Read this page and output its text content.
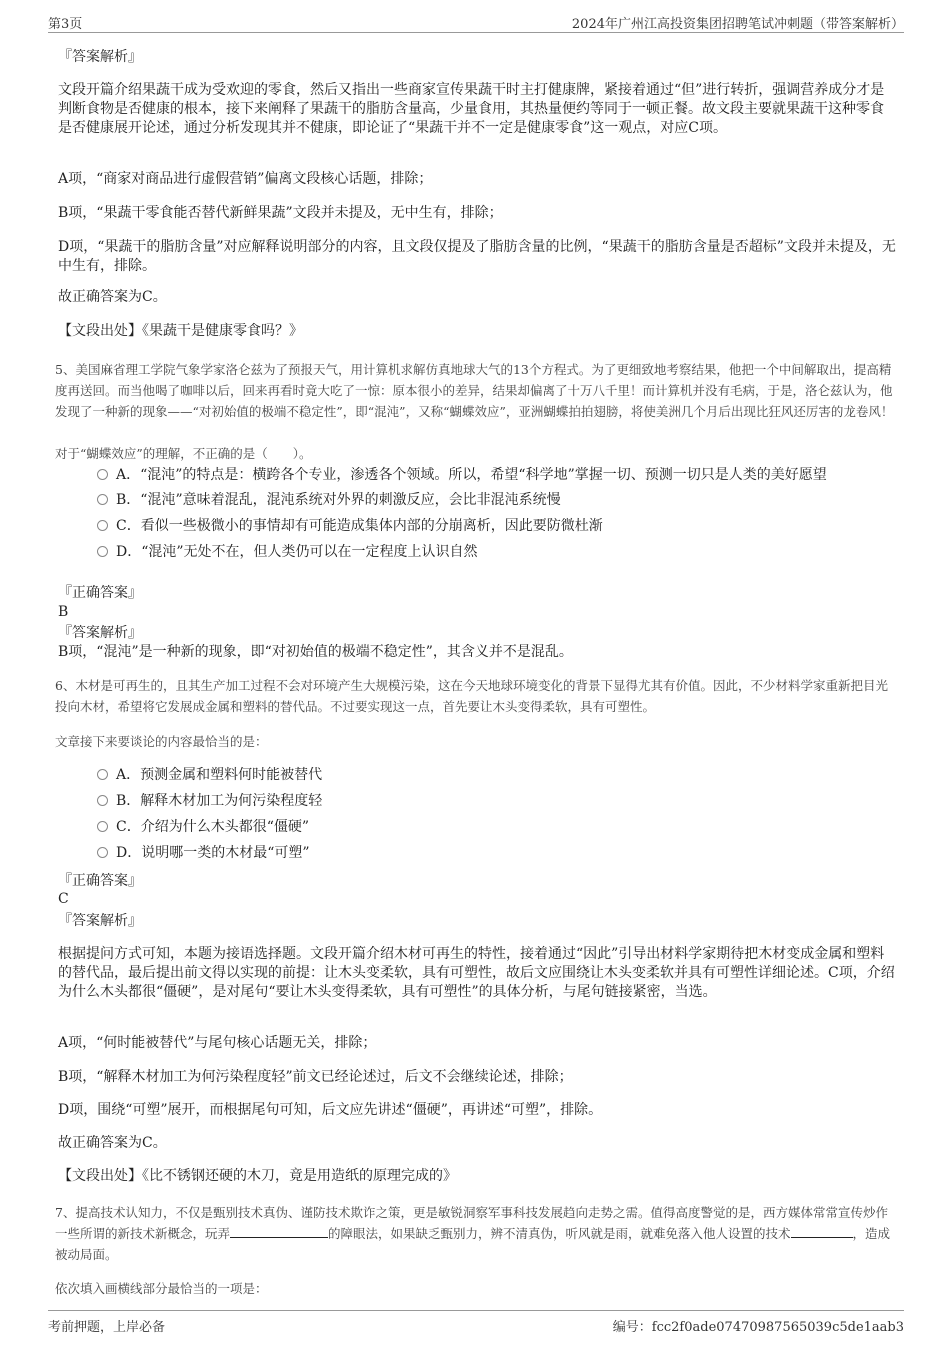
第3页	2024年广州江高投资集团招聘笔试冲刺题（带答案解析）
『答案解析』
文段开篇介绍果蔬干成为受欢迎的零食，然后又指出一些商家宣传果蔬干时主打健康牌，紧接着通过“但”进行转折，强调营养成分才是判断食物是否健康的根本，接下来阐释了果蔬干的脂肪含量高，少量食用，其热量便约等同于一顿正餐。故文段主要就果蔬干这种零食是否健康展开论述，通过分析发现其并不健康，即论证了“果蔬干并不一定是健康零食”这一观点，对应C项。
A项，“商家对商品进行虚假营销”偏离文段核心话题，排除；
B项，“果蔬干零食能否替代新鲜果蔬”文段并未提及，无中生有，排除；
D项，“果蔬干的脂肪含量”对应解释说明部分的内容，且文段仅提及了脂肪含量的比例，“果蔬干的脂肪含量是否超标”文段并未提及，无中生有，排除。
故正确答案为C。
【文段出处】《果蔬干是健康零食吗？》
5、美国麻省理工学院气象学家洛仑兹为了预报天气，用计算机求解仿真地球大气的13个方程式。为了更细致地考察结果，他把一个中间解取出，提高精度再送回。而当他喝了咖啡以后，回来再看时竟大吃了一惊：原本很小的差异，结果却偏离了十万八千里！而计算机并没有毛病，于是，洛仑兹认为，他发现了一种新的现象——“对初始值的极端不稳定性”，即“混沌”，又称“蝴蝶效应”，亚洲蝴蝶拍拍翅膀，将使美洲几个月后出现比狂风还厉害的龙卷风！
对于“蝴蝶效应”的理解，不正确的是（　　）。
A．“混沌”的特点是：横跨各个专业，渗透各个领域。所以，希望“科学地”掌握一切、预测一切只是人类的美好愿望
B．“混沌”意味着混乱，混沌系统对外界的刺激反应，会比非混沌系统慢
C．看似一些极微小的事情却有可能造成集体内部的分崩离析，因此要防微杜渐
D．“混沌”无处不在，但人类仍可以在一定程度上认识自然
『正确答案』
B
『答案解析』
B项，“混沌”是一种新的现象，即“对初始值的极端不稳定性”，其含义并不是混乱。
6、木材是可再生的，且其生产加工过程不会对环境产生大规模污染，这在今天地球环境变化的背景下显得尤其有价值。因此，不少材料学家重新把目光投向木材，希望将它发展成金属和塑料的替代品。不过要实现这一点，首先要让木头变得柔软，具有可塑性。
文章接下来要谈论的内容最恰当的是：
A．预测金属和塑料何时能被替代
B．解释木材加工为何污染程度轻
C．介绍为什么木头都很“僵硬”
D．说明哪一类的木材最“可塑”
『正确答案』
C
『答案解析』
根据提问方式可知，本题为接语选择题。文段开篇介绍木材可再生的特性，接着通过“因此”引导出材料学家期待把木材变成金属和塑料的替代品，最后提出前文得以实现的前提：让木头变柔软，具有可塑性，故后文应围绕让木头变柔软并具有可塑性详细论述。C项，介绍为什么木头都很“僵硬”，是对尾句“要让木头变得柔软，具有可塑性”的具体分析，与尾句链接紧密，当选。
A项，“何时能被替代”与尾句核心话题无关，排除；
B项，“解释木材加工为何污染程度轻”前文已经论述过，后文不会继续论述，排除；
D项，围绕“可塑”展开，而根据尾句可知，后文应先讲述“僵硬”，再讲述“可塑”，排除。
故正确答案为C。
【文段出处】《比不锈钢还硬的木刀，竟是用造纸的原理完成的》
7、提高技术认知力，不仅是甄别技术真伪、谨防技术欺诈之策，更是敏锐洞察军事科技发展趋向走势之需。值得高度警觉的是，西方媒体常常宣传炒作一些所谓的新技术新概念，玩弄	的障眼法，如果缺乏甄别力，辨不清真伪，听风就是雨，就难免落入他人设置的技术	，造成被动局面。
依次填入画横线部分最恰当的一项是：
考前押题，上岸必备	编号：fcc2f0ade07470987565039c5de1aab3
